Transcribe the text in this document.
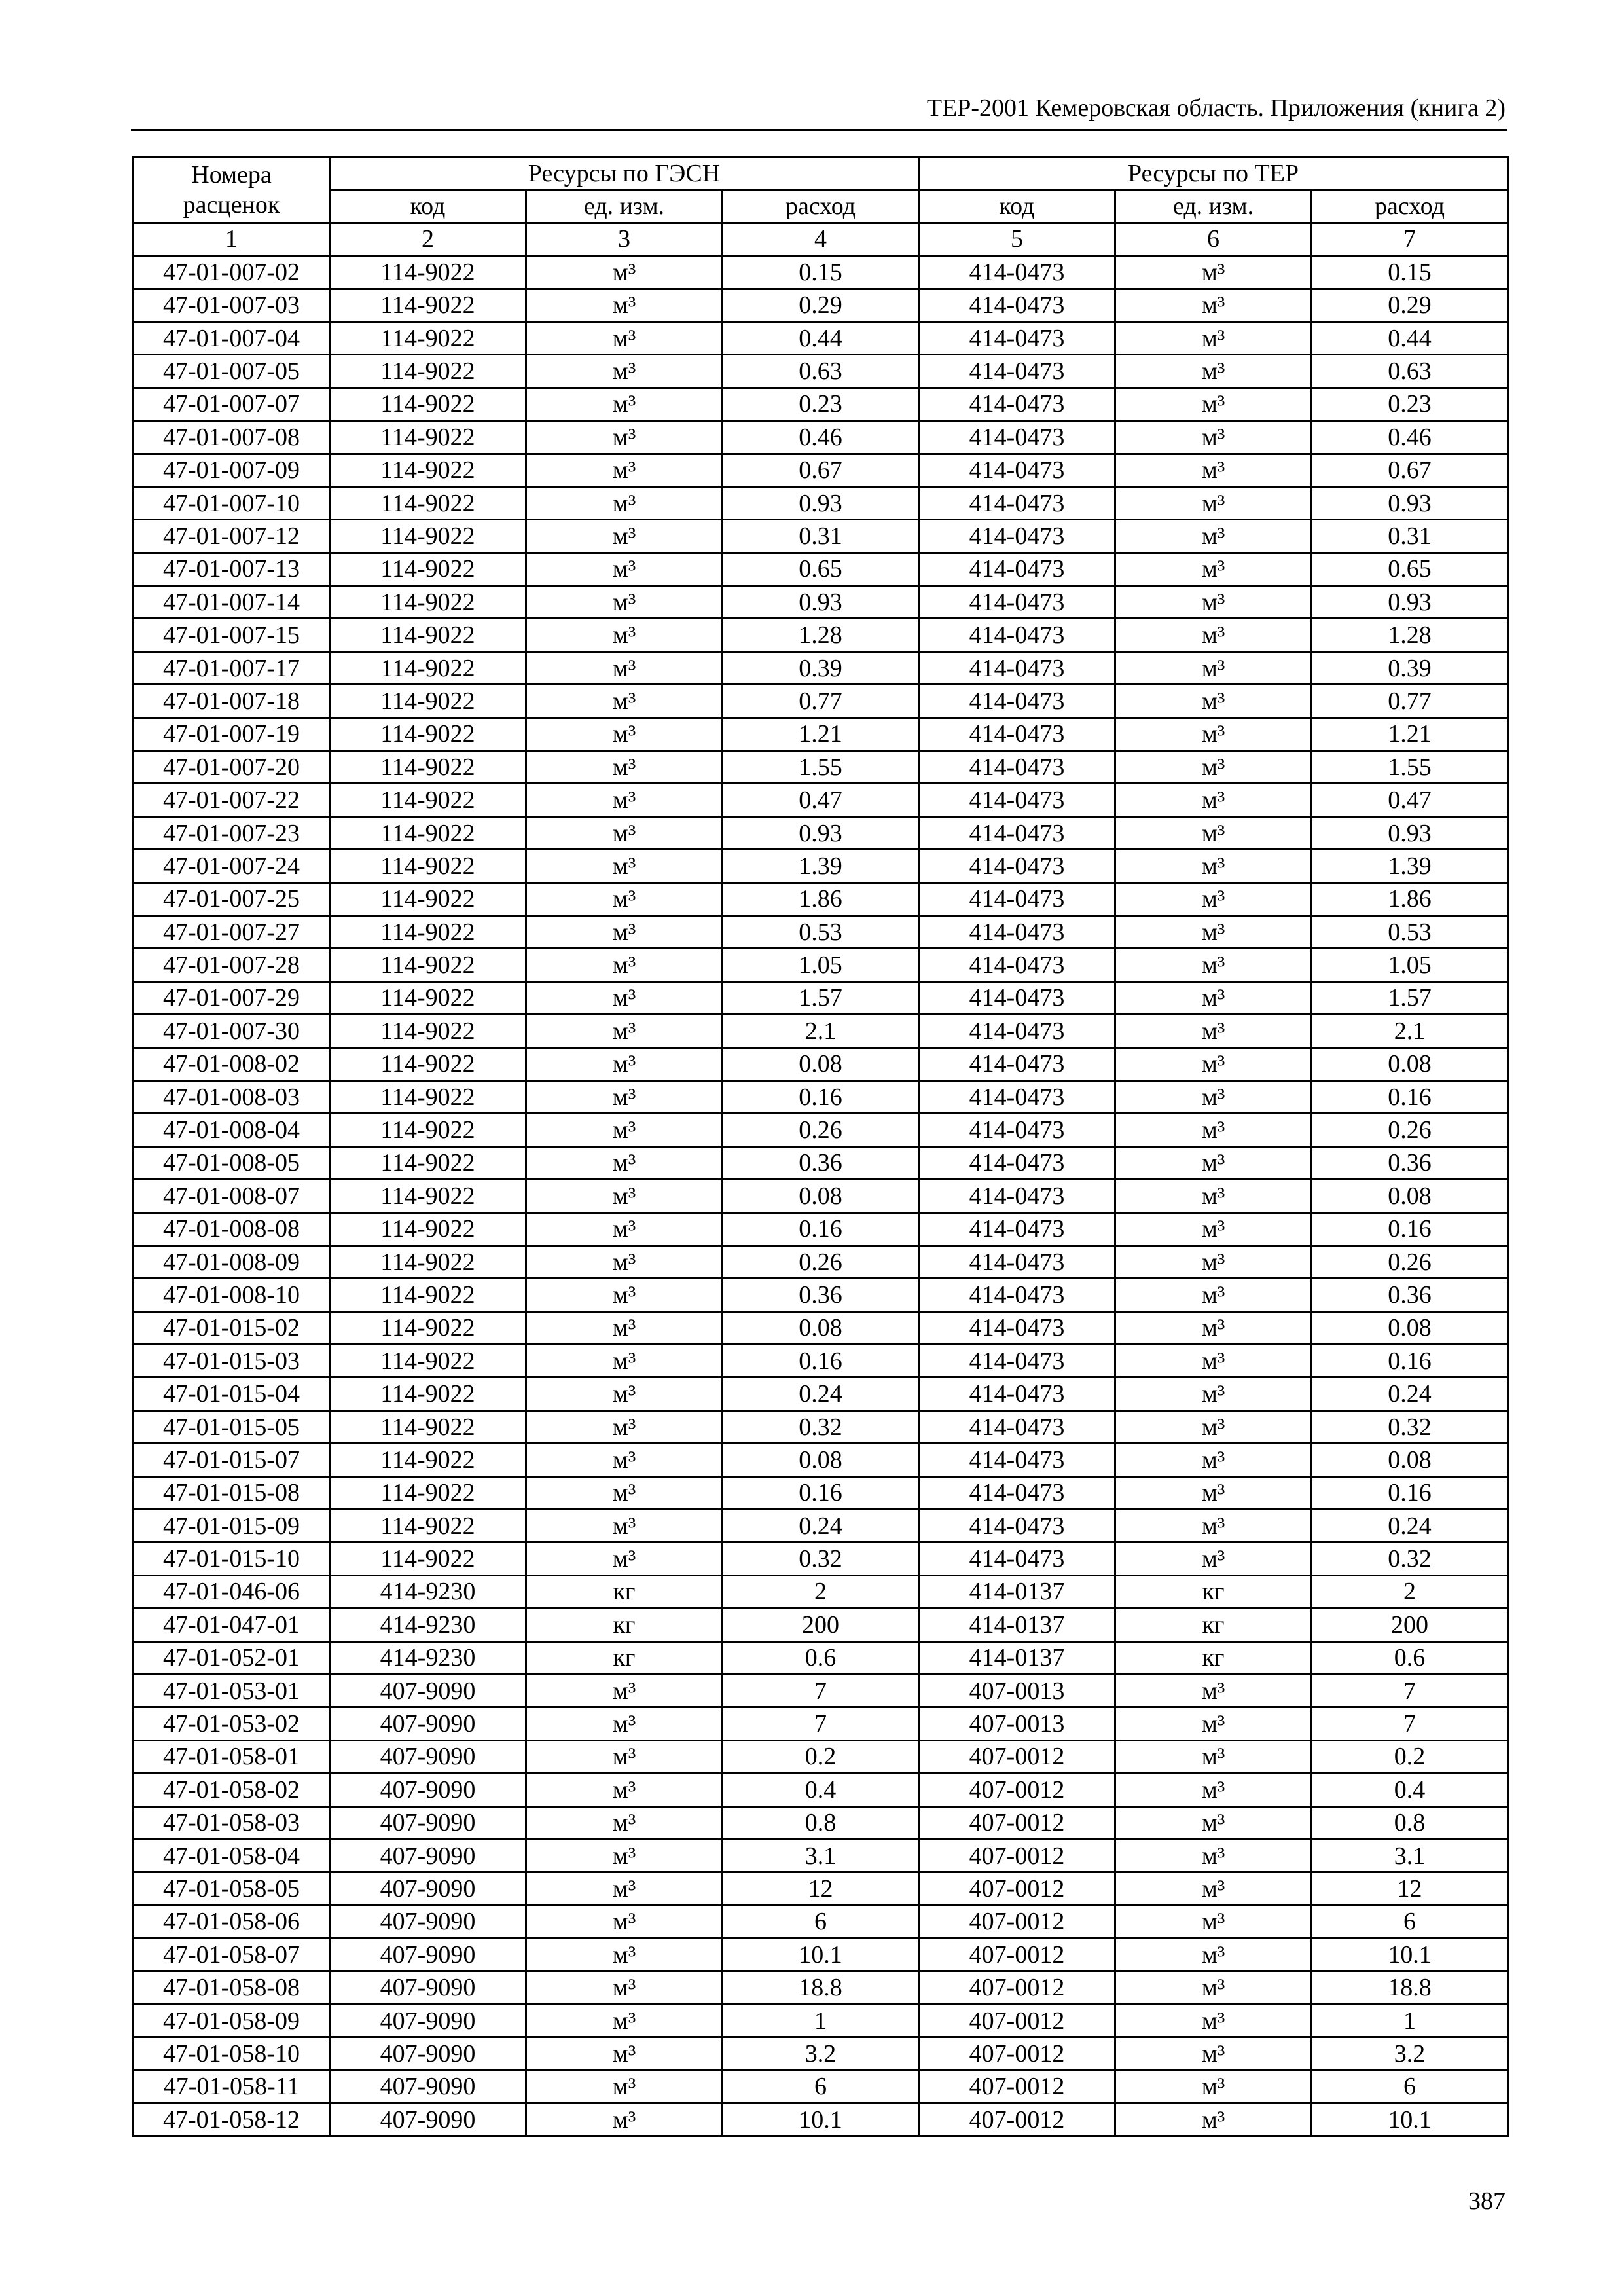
ТЕР-2001 Кемеровская область. Приложения (книга 2)
Номера
расценок	Ресурсы по ГЭСН			Ресурсы по ТЕР		
	код	ед. изм.	расход	код	ед. изм.	расход
1	2	3	4	5	6	7
47-01-007-02	114-9022	м³	0.15	414-0473	м³	0.15
47-01-007-03	114-9022	м³	0.29	414-0473	м³	0.29
47-01-007-04	114-9022	м³	0.44	414-0473	м³	0.44
47-01-007-05	114-9022	м³	0.63	414-0473	м³	0.63
47-01-007-07	114-9022	м³	0.23	414-0473	м³	0.23
47-01-007-08	114-9022	м³	0.46	414-0473	м³	0.46
47-01-007-09	114-9022	м³	0.67	414-0473	м³	0.67
47-01-007-10	114-9022	м³	0.93	414-0473	м³	0.93
47-01-007-12	114-9022	м³	0.31	414-0473	м³	0.31
47-01-007-13	114-9022	м³	0.65	414-0473	м³	0.65
47-01-007-14	114-9022	м³	0.93	414-0473	м³	0.93
47-01-007-15	114-9022	м³	1.28	414-0473	м³	1.28
47-01-007-17	114-9022	м³	0.39	414-0473	м³	0.39
47-01-007-18	114-9022	м³	0.77	414-0473	м³	0.77
47-01-007-19	114-9022	м³	1.21	414-0473	м³	1.21
47-01-007-20	114-9022	м³	1.55	414-0473	м³	1.55
47-01-007-22	114-9022	м³	0.47	414-0473	м³	0.47
47-01-007-23	114-9022	м³	0.93	414-0473	м³	0.93
47-01-007-24	114-9022	м³	1.39	414-0473	м³	1.39
47-01-007-25	114-9022	м³	1.86	414-0473	м³	1.86
47-01-007-27	114-9022	м³	0.53	414-0473	м³	0.53
47-01-007-28	114-9022	м³	1.05	414-0473	м³	1.05
47-01-007-29	114-9022	м³	1.57	414-0473	м³	1.57
47-01-007-30	114-9022	м³	2.1	414-0473	м³	2.1
47-01-008-02	114-9022	м³	0.08	414-0473	м³	0.08
47-01-008-03	114-9022	м³	0.16	414-0473	м³	0.16
47-01-008-04	114-9022	м³	0.26	414-0473	м³	0.26
47-01-008-05	114-9022	м³	0.36	414-0473	м³	0.36
47-01-008-07	114-9022	м³	0.08	414-0473	м³	0.08
47-01-008-08	114-9022	м³	0.16	414-0473	м³	0.16
47-01-008-09	114-9022	м³	0.26	414-0473	м³	0.26
47-01-008-10	114-9022	м³	0.36	414-0473	м³	0.36
47-01-015-02	114-9022	м³	0.08	414-0473	м³	0.08
47-01-015-03	114-9022	м³	0.16	414-0473	м³	0.16
47-01-015-04	114-9022	м³	0.24	414-0473	м³	0.24
47-01-015-05	114-9022	м³	0.32	414-0473	м³	0.32
47-01-015-07	114-9022	м³	0.08	414-0473	м³	0.08
47-01-015-08	114-9022	м³	0.16	414-0473	м³	0.16
47-01-015-09	114-9022	м³	0.24	414-0473	м³	0.24
47-01-015-10	114-9022	м³	0.32	414-0473	м³	0.32
47-01-046-06	414-9230	кг	2	414-0137	кг	2
47-01-047-01	414-9230	кг	200	414-0137	кг	200
47-01-052-01	414-9230	кг	0.6	414-0137	кг	0.6
47-01-053-01	407-9090	м³	7	407-0013	м³	7
47-01-053-02	407-9090	м³	7	407-0013	м³	7
47-01-058-01	407-9090	м³	0.2	407-0012	м³	0.2
47-01-058-02	407-9090	м³	0.4	407-0012	м³	0.4
47-01-058-03	407-9090	м³	0.8	407-0012	м³	0.8
47-01-058-04	407-9090	м³	3.1	407-0012	м³	3.1
47-01-058-05	407-9090	м³	12	407-0012	м³	12
47-01-058-06	407-9090	м³	6	407-0012	м³	6
47-01-058-07	407-9090	м³	10.1	407-0012	м³	10.1
47-01-058-08	407-9090	м³	18.8	407-0012	м³	18.8
47-01-058-09	407-9090	м³	1	407-0012	м³	1
47-01-058-10	407-9090	м³	3.2	407-0012	м³	3.2
47-01-058-11	407-9090	м³	6	407-0012	м³	6
47-01-058-12	407-9090	м³	10.1	407-0012	м³	10.1
387
